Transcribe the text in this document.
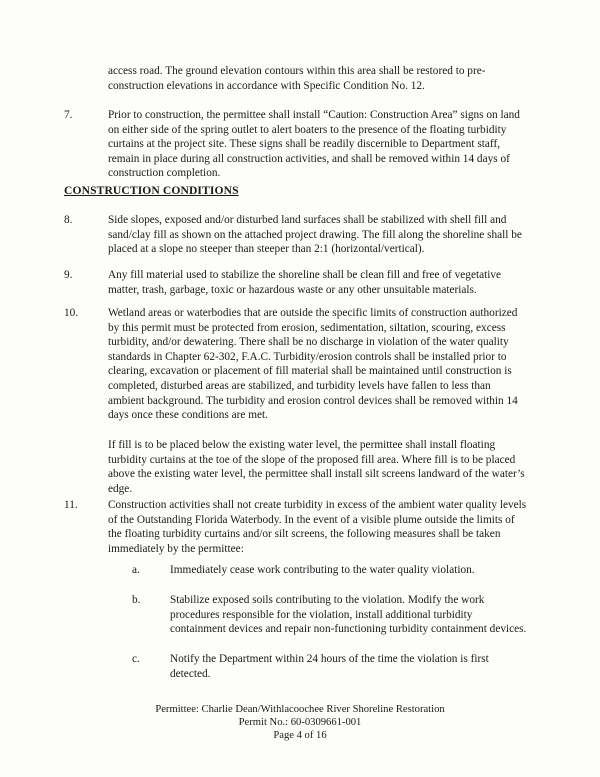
access road. The ground elevation contours within this area shall be restored to pre-construction elevations in accordance with Specific Condition No. 12.
7.	Prior to construction, the permittee shall install “Caution: Construction Area” signs on land on either side of the spring outlet to alert boaters to the presence of the floating turbidity curtains at the project site. These signs shall be readily discernible to Department staff, remain in place during all construction activities, and shall be removed within 14 days of construction completion.
CONSTRUCTION CONDITIONS
8.	Side slopes, exposed and/or disturbed land surfaces shall be stabilized with shell fill and sand/clay fill as shown on the attached project drawing. The fill along the shoreline shall be placed at a slope no steeper than steeper than 2:1 (horizontal/vertical).
9.	Any fill material used to stabilize the shoreline shall be clean fill and free of vegetative matter, trash, garbage, toxic or hazardous waste or any other unsuitable materials.
10.	Wetland areas or waterbodies that are outside the specific limits of construction authorized by this permit must be protected from erosion, sedimentation, siltation, scouring, excess turbidity, and/or dewatering. There shall be no discharge in violation of the water quality standards in Chapter 62-302, F.A.C. Turbidity/erosion controls shall be installed prior to clearing, excavation or placement of fill material shall be maintained until construction is completed, disturbed areas are stabilized, and turbidity levels have fallen to less than ambient background. The turbidity and erosion control devices shall be removed within 14 days once these conditions are met.
If fill is to be placed below the existing water level, the permittee shall install floating turbidity curtains at the toe of the slope of the proposed fill area. Where fill is to be placed above the existing water level, the permittee shall install silt screens landward of the water’s edge.
11.	Construction activities shall not create turbidity in excess of the ambient water quality levels of the Outstanding Florida Waterbody. In the event of a visible plume outside the limits of the floating turbidity curtains and/or silt screens, the following measures shall be taken immediately by the permittee:
a.	Immediately cease work contributing to the water quality violation.
b.	Stabilize exposed soils contributing to the violation. Modify the work procedures responsible for the violation, install additional turbidity containment devices and repair non-functioning turbidity containment devices.
c.	Notify the Department within 24 hours of the time the violation is first detected.
Permittee: Charlie Dean/Withlacoochee River Shoreline Restoration
Permit No.: 60-0309661-001
Page 4 of 16
